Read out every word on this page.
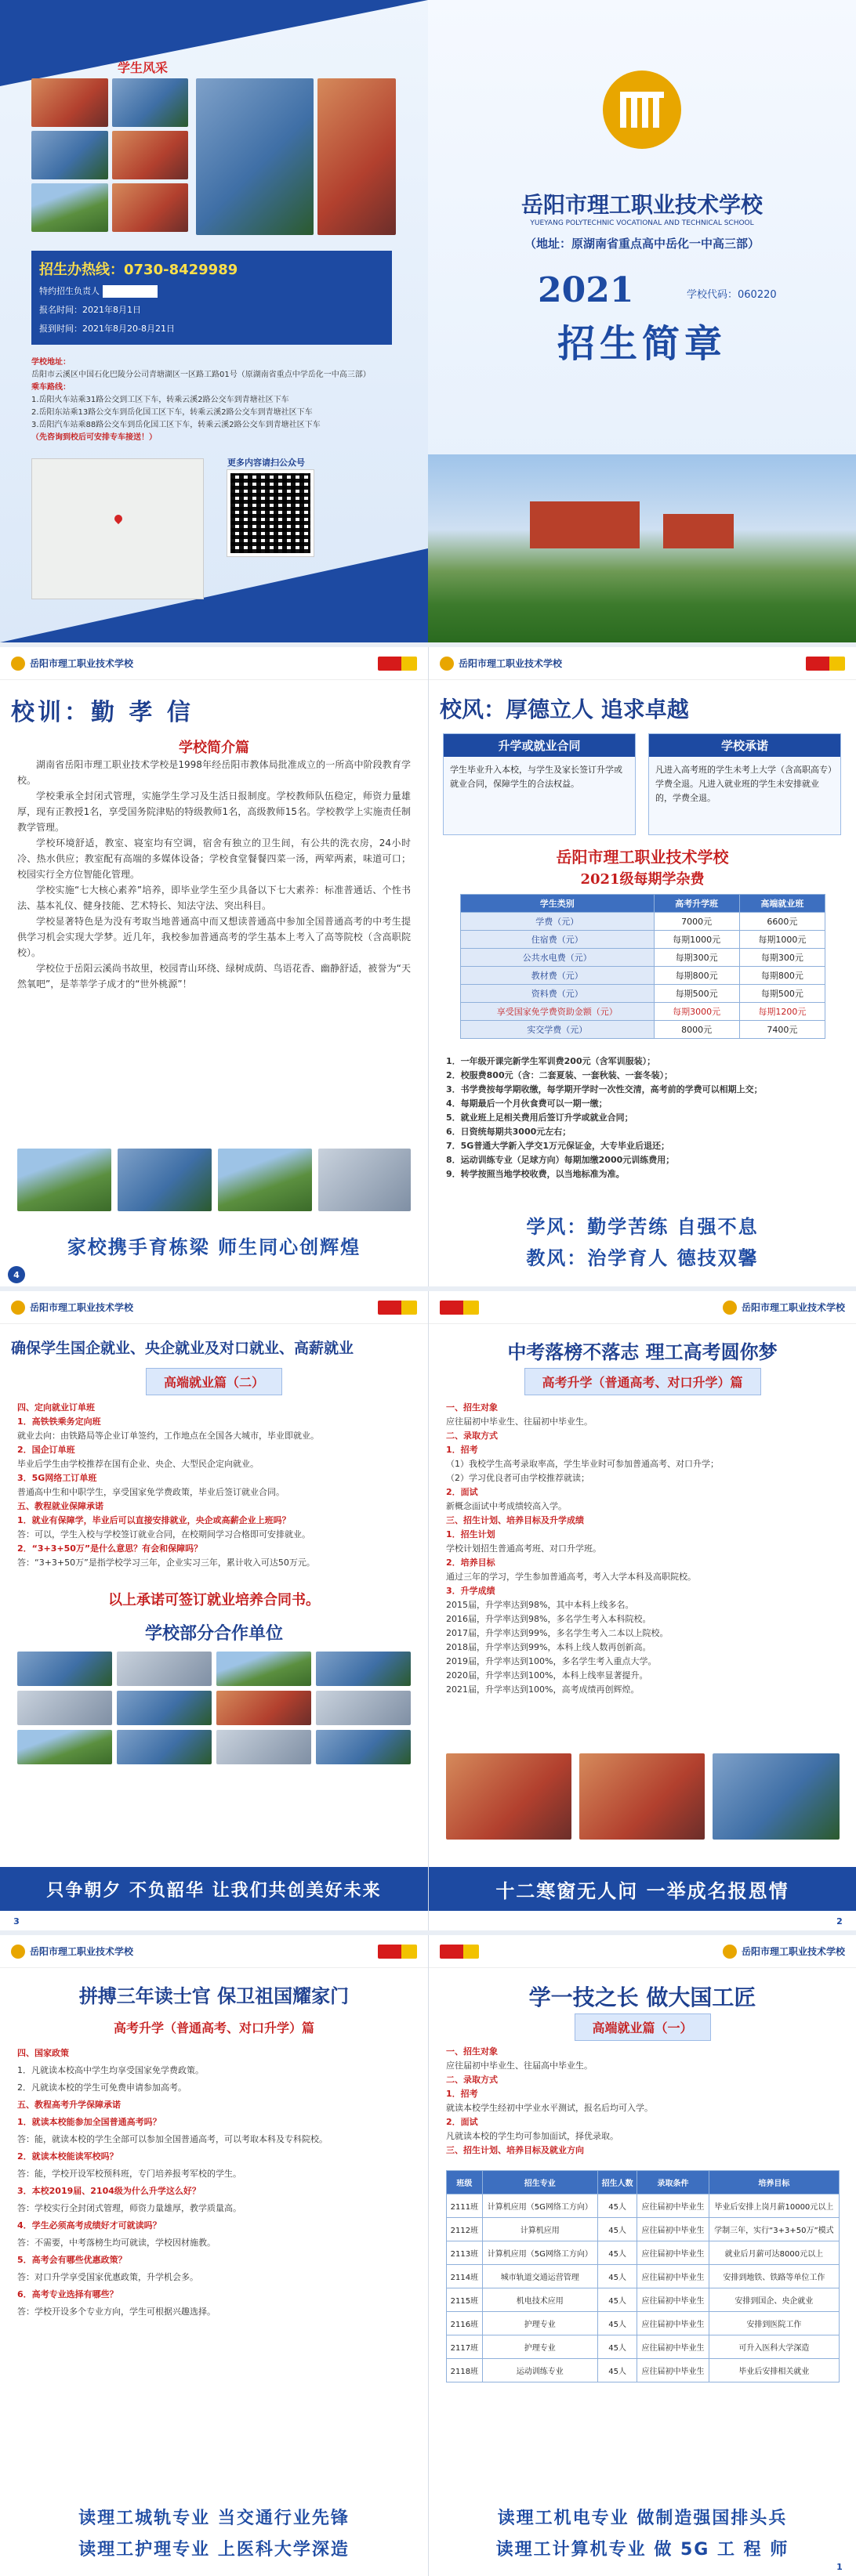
学生风采
招生办热线：0730-8429989
特约招生负责人
报名时间：2021年8月1日
报到时间：2021年8月20-8月21日
学校地址：
岳阳市云溪区中国石化巴陵分公司青塘湖区一区路工路01号（原湖南省重点中学岳化一中高三部）
乘车路线：
1.岳阳火车站乘31路公交到工区下车，转乘云溪2路公交车到青塘社区下车
2.岳阳东站乘13路公交车到岳化国工区下车，转乘云溪2路公交车到青塘社区下车
3.岳阳汽车站乘88路公交车到岳化国工区下车，转乘云溪2路公交车到青塘社区下车
（先咨询到校后可安排专车接送！）
更多内容请扫公众号
岳阳市理工职业技术学校
YUEYANG POLYTECHNIC VOCATIONAL AND TECHNICAL SCHOOL
（地址：原湖南省重点高中岳化一中高三部）
2021	学校代码：060220
招生简章
岳阳市理工职业技术学校
校训：勤 孝 信
学校简介篇

湖南省岳阳市理工职业技术学校是1998年经岳阳市教体局批准成立的一所高中阶段教育学校。

学校秉承全封闭式管理，实施学生学习及生活日报制度。学校教师队伍稳定，师资力量雄厚，现有正教授1名，享受国务院津贴的特级教师1名，高级教师15名。学校教学上实施责任制教学管理。

学校环境舒适，教室、寝室均有空调，宿舍有独立的卫生间，有公共的洗衣房，24小时冷、热水供应；教室配有高端的多媒体设备；学校食堂餐餐四菜一汤，两荤两素，味道可口；校园实行全方位智能化管理。

学校实施“七大核心素养”培养，即毕业学生至少具备以下七大素养：标准普通话、个性书法、基本礼仪、健身技能、艺术特长、知法守法、突出科目。

学校显著特色是为没有考取当地普通高中而又想读普通高中参加全国普通高考的中考生提供学习机会实现大学梦。近几年，我校参加普通高考的学生基本上考入了高等院校（含高职院校）。

学校位于岳阳云溪尚书故里，校园青山环绕、绿树成荫、鸟语花香、幽静舒适，被誉为“天然氧吧”，是莘莘学子成才的“世外桃源”！

家校携手育栋梁 师生同心创辉煌
4
岳阳市理工职业技术学校
校风：厚德立人 追求卓越
升学或就业合同
学生毕业升入本校，与学生及家长签订升学或就业合同，保障学生的合法权益。
学校承诺
凡进入高考班的学生未考上大学（含高职高专）学费全退。凡进入就业班的学生未安排就业的，学费全退。
岳阳市理工职业技术学校
2021级每期学杂费
学生类别	高考升学班	高端就业班
学费（元）	7000元	6600元
住宿费（元）	每期1000元	每期1000元
公共水电费（元）	每期300元	每期300元
教材费（元）	每期800元	每期800元
资料费（元）	每期500元	每期500元
享受国家免学费资助金额（元）	每期3000元	每期1200元
实交学费（元）	8000元	7400元
1．一年级开课完新学生军训费200元（含军训服装）；
2．校服费800元（含：二套夏装、一套秋装、一套冬装）；
3．书学费按每学期收缴，每学期开学时一次性交清，高考前的学费可以相期上交；
4．每期最后一个月伙食费可以一期一缴；
5．就业班上足相关费用后签订升学或就业合同；
6．日资统每期共3000元左右；
7．5G普通大学新入学交1万元保证金，大专毕业后退还；
8．运动训练专业（足球方向）每期加缴2000元训练费用；
9．转学按照当地学校收费，以当地标准为准。
学风：勤学苦练 自强不息
教风：治学育人 德技双馨
岳阳市理工职业技术学校
确保学生国企就业、央企就业及对口就业、高薪就业
高端就业篇（二）
四、定向就业订单班
1．高铁铁乘务定向班
就业去向：由铁路局等企业订单签约，工作地点在全国各大城市，毕业即就业。
2．国企订单班
毕业后学生由学校推荐在国有企业、央企、大型民企定向就业。
3．5G网络工订单班
普通高中生和中职学生，享受国家免学费政策，毕业后签订就业合同。
五、教程就业保障承诺
1．就业有保障学，毕业后可以直接安排就业，央企或高薪企业上班吗？
答：可以，学生入校与学校签订就业合同，在校期间学习合格即可安排就业。
2．“3+3+50万”是什么意思？有会和保障吗？
答：“3+3+50万”是指学校学习三年，企业实习三年，累计收入可达50万元。
以上承诺可签订就业培养合同书。
学校部分合作单位
只争朝夕 不负韶华 让我们共创美好未来
3
岳阳市理工职业技术学校
中考落榜不落志 理工高考圆你梦
高考升学（普通高考、对口升学）篇
一、招生对象
应往届初中毕业生、往届初中毕业生。
二、录取方式
1．招考
（1）我校学生高考录取率高，学生毕业时可参加普通高考、对口升学；
（2）学习优良者可由学校推荐就读；
2．面试
新概念面试中考成绩较高入学。
三、招生计划、培养目标及升学成绩
1．招生计划
学校计划招生普通高考班、对口升学班。
2．培养目标
通过三年的学习，学生参加普通高考，考入大学本科及高职院校。
3．升学成绩
2015届，升学率达到98%，其中本科上线多名。
2016届，升学率达到98%，多名学生考入本科院校。
2017届，升学率达到99%，多名学生考入二本以上院校。
2018届，升学率达到99%，本科上线人数再创新高。
2019届，升学率达到100%，多名学生考入重点大学。
2020届，升学率达到100%，本科上线率显著提升。
2021届，升学率达到100%，高考成绩再创辉煌。
十二寒窗无人问 一举成名报恩情
2
岳阳市理工职业技术学校
拼搏三年读士官 保卫祖国耀家门
高考升学（普通高考、对口升学）篇
四、国家政策
1．凡就读本校高中学生均享受国家免学费政策。
2．凡就读本校的学生可免费申请参加高考。
五、教程高考升学保障承诺
1．就读本校能参加全国普通高考吗？
答：能，就读本校的学生全部可以参加全国普通高考，可以考取本科及专科院校。
2．就读本校能读军校吗？
答：能，学校开设军校预科班，专门培养报考军校的学生。
3．本校2019届、2104级为什么升学这么好？
答：学校实行全封闭式管理，师资力量雄厚，教学质量高。
4．学生必须高考成绩好才可就读吗？
答：不需要，中考落榜生均可就读，学校因材施教。
5．高考会有哪些优惠政策？
答：对口升学享受国家优惠政策，升学机会多。
6．高考专业选择有哪些？
答：学校开设多个专业方向，学生可根据兴趣选择。
读理工城轨专业 当交通行业先锋
读理工护理专业 上医科大学深造
岳阳市理工职业技术学校
学一技之长 做大国工匠
高端就业篇（一）
一、招生对象
应往届初中毕业生、往届高中毕业生。
二、录取方式
1．招考
就读本校学生经初中学业水平测试，报名后均可入学。
2．面试
凡就读本校的学生均可参加面试，择优录取。
三、招生计划、培养目标及就业方向
班级	招生专业	招生人数	录取条件	培养目标
2111班	计算机应用（5G网络工方向）	45人	应往届初中毕业生	毕业后安排上岗月薪10000元以上
2112班	计算机应用	45人	应往届初中毕业生	学制三年，实行“3+3+50万”模式
2113班	计算机应用（5G网络工方向）	45人	应往届初中毕业生	就业后月薪可达8000元以上
2114班	城市轨道交通运营管理	45人	应往届初中毕业生	安排到地铁、铁路等单位工作
2115班	机电技术应用	45人	应往届初中毕业生	安排到国企、央企就业
2116班	护理专业	45人	应往届初中毕业生	安排到医院工作
2117班	护理专业	45人	应往届初中毕业生	可升入医科大学深造
2118班	运动训练专业	45人	应往届初中毕业生	毕业后安排相关就业
读理工机电专业 做制造强国排头兵
读理工计算机专业 做 5G 工 程 师
1
